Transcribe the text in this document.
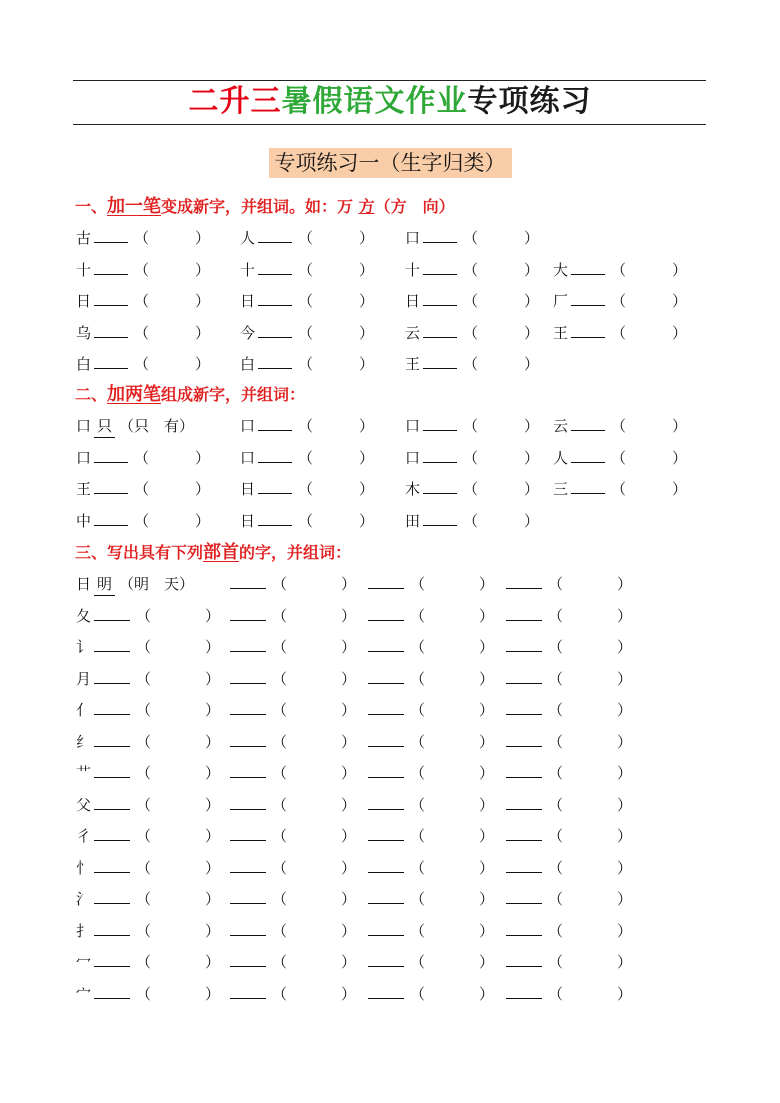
二升三暑假语文作业专项练习
专项练习一（生字归类）
一、加一笔变成新字，并组词。如：万 方（方　向）
古	（	） 人	（	） 口	（	）
十	（	） 十	（	） 十	（	） 大	（	）
日	（	） 日	（	） 日	（	） 厂	（	）
乌	（	） 今	（	） 云	（	） 王	（	）
白	（	） 白	（	） 王	（	）
二、加两笔组成新字，并组词：
口 只 （只　有）	口	（	） 口	（	） 云	（	）
口	（	） 口	（	） 口	（	） 人	（	）
王	（	） 日	（	） 木	（	） 三	（	）
中	（	） 日	（	） 田	（	）
三、写出具有下列部首的字，并组词：
日 明 （明　天）	（	）	（	）	（	）
夂	（	）	（	）	（	）	（	）
讠	（	）	（	）	（	）	（	）
月	（	）	（	）	（	）	（	）
亻	（	）	（	）	（	）	（	）
纟	（	）	（	）	（	）	（	）
艹	（	）	（	）	（	）	（	）
父	（	）	（	）	（	）	（	）
彳	（	）	（	）	（	）	（	）
忄	（	）	（	）	（	）	（	）
氵	（	）	（	）	（	）	（	）
扌	（	）	（	）	（	）	（	）
冖	（	）	（	）	（	）	（	）
宀	（	）	（	）	（	）	（	）
